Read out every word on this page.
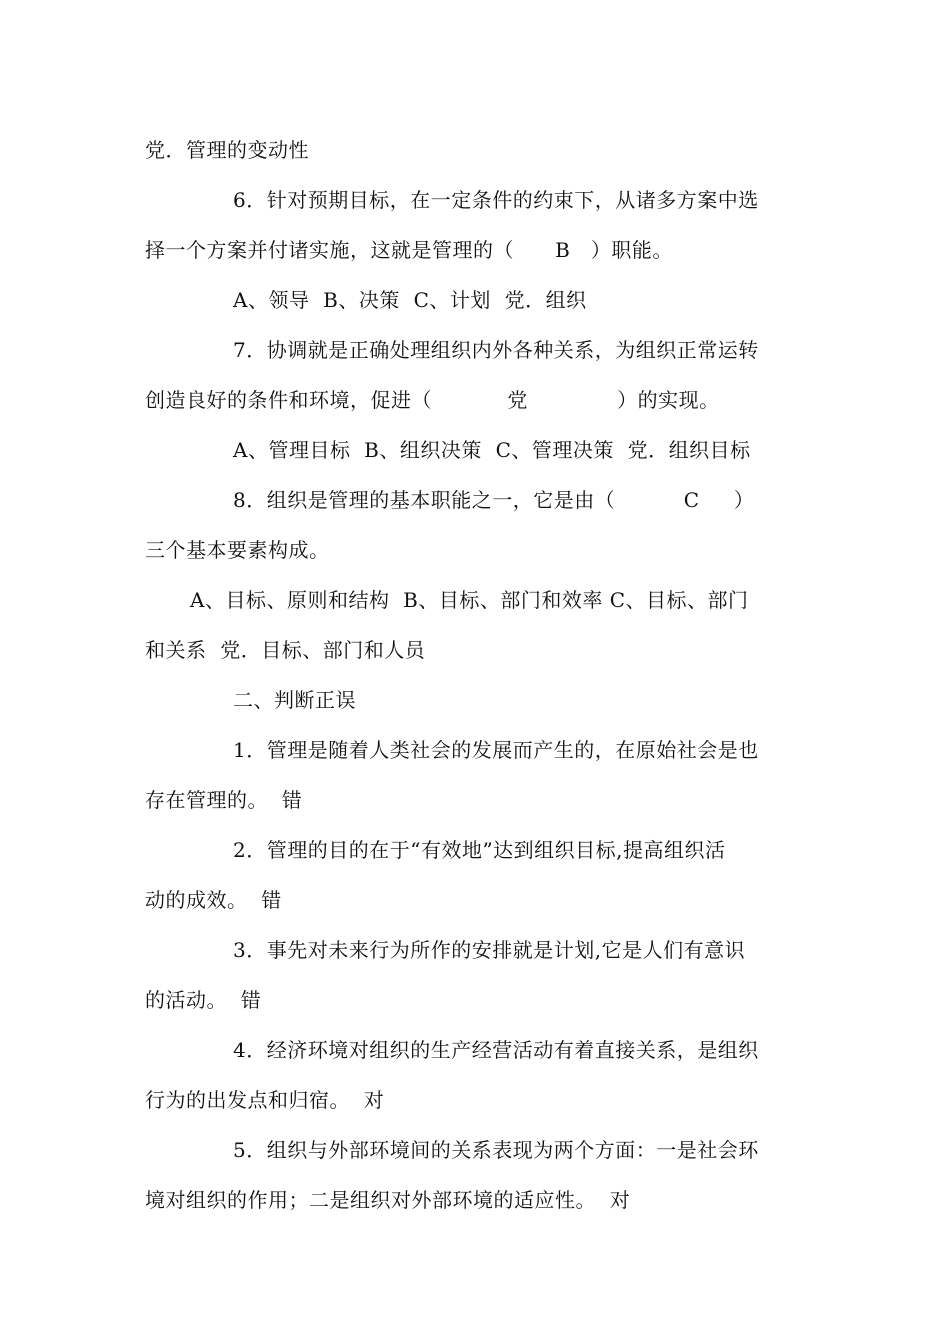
党．管理的变动性
6．针对预期目标，在一定条件的约束下，从诸多方案中选
择一个方案并付诸实施，这就是管理的（      B   ）职能。
A、领导  B、决策  C、计划  党．组织
7．协调就是正确处理组织内外各种关系，为组织正常运转
创造良好的条件和环境，促进（           党             ）的实现。
A、管理目标  B、组织决策  C、管理决策  党．组织目标
8．组织是管理的基本职能之一，它是由（          C     ）
三个基本要素构成。
A、目标、原则和结构  B、目标、部门和效率 C、目标、部门
和关系  党．目标、部门和人员
二、判断正误
1．管理是随着人类社会的发展而产生的，在原始社会是也
存在管理的。  错
2．管理的目的在于“有效地”达到组织目标,提高组织活
动的成效。  错
3．事先对未来行为所作的安排就是计划,它是人们有意识
的活动。  错
4．经济环境对组织的生产经营活动有着直接关系，是组织
行为的出发点和归宿。  对
5．组织与外部环境间的关系表现为两个方面：一是社会环
境对组织的作用；二是组织对外部环境的适应性。  对
